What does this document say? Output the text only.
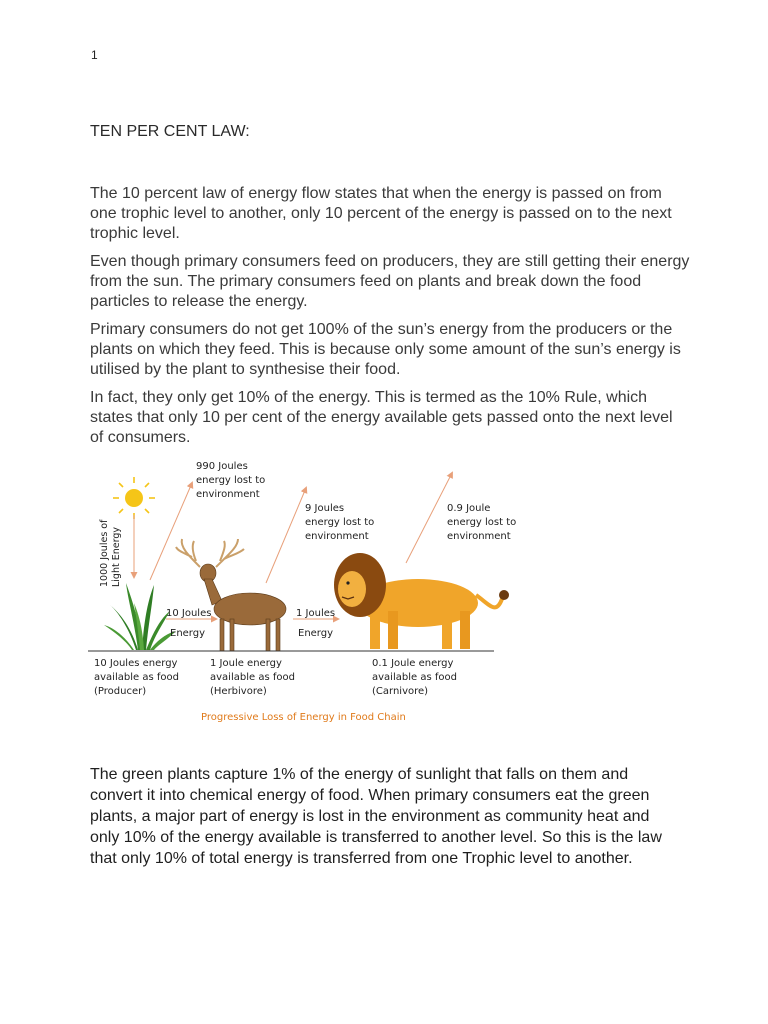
1
TEN PER CENT LAW:

The 10 percent law of energy flow states that when the energy is passed on from one trophic level to another, only 10 percent of the energy is passed on to the next trophic level.

Even though primary consumers feed on producers, they are still getting their energy from the sun. The primary consumers feed on plants and break down the food particles to release the energy.

Primary consumers do not get 100% of the sun’s energy from the producers or the plants on which they feed. This is because only some amount of the sun’s energy is utilised by the plant to synthesise their food.

In fact, they only get 10% of the energy. This is termed as the 10% Rule, which states that only 10 per cent of the energy available gets passed onto the next level of consumers.

1000 Joules of Light Energy
990 Joules energy lost to environment
9 Joules energy lost to environment
0.9 Joule energy lost to environment
10 Joules Energy
1 Joules Energy
10 Joules energy available as food (Producer)
1 Joule energy available as food (Herbivore)
0.1 Joule energy available as food (Carnivore)
Progressive Loss of Energy in Food Chain

The green plants capture 1% of the energy of sunlight that falls on them and convert it into chemical energy of food. When primary consumers eat the green plants, a major part of energy is lost in the environment as community heat and only 10% of the energy available is transferred to another level. So this is the law that only 10% of total energy is transferred from one Trophic level to another.
